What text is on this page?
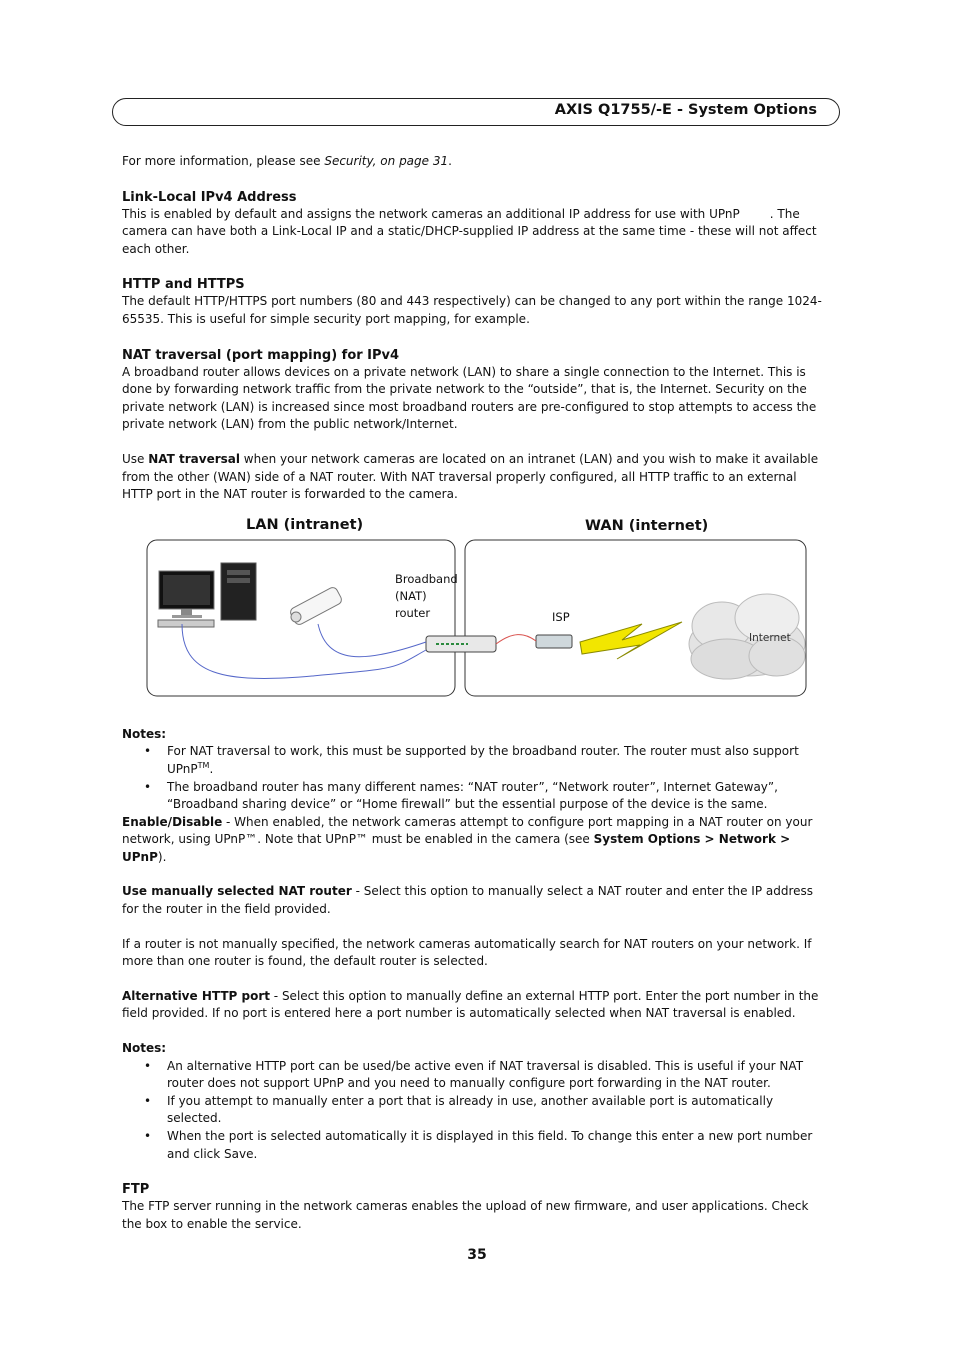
AXIS Q1755/-E - System Options

For more information, please see Security, on page 31.

Link-Local IPv4 Address

This is enabled by default and assigns the network cameras an additional IP address for use with UPnP	. The camera can have both a Link-Local IP and a static/DHCP-supplied IP address at the same time - these will not affect each other.

HTTP and HTTPS

The default HTTP/HTTPS port numbers (80 and 443 respectively) can be changed to any port within the range 1024-65535. This is useful for simple security port mapping, for example.

NAT traversal (port mapping) for IPv4

A broadband router allows devices on a private network (LAN) to share a single connection to the Internet. This is done by forwarding network traffic from the private network to the “outside”, that is, the Internet. Security on the private network (LAN) is increased since most broadband routers are pre-configured to stop attempts to access the private network (LAN) from the public network/Internet.

Use NAT traversal when your network cameras are located on an intranet (LAN) and you wish to make it available from the other (WAN) side of a NAT router. With NAT traversal properly configured, all HTTP traffic to an external HTTP port in the NAT router is forwarded to the camera.

LAN (intranet)	WAN (internet)
Broadband
(NAT)
router	ISP
Internet

Notes:

• For NAT traversal to work, this must be supported by the broadband router. The router must also support UPnP™.
• The broadband router has many different names: “NAT router”, “Network router”, Internet Gateway”, “Broadband sharing device” or “Home firewall” but the essential purpose of the device is the same.

Enable/Disable - When enabled, the network cameras attempt to configure port mapping in a NAT router on your network, using UPnP™. Note that UPnP™ must be enabled in the camera (see System Options > Network > UPnP).

Use manually selected NAT router - Select this option to manually select a NAT router and enter the IP address for the router in the field provided.

If a router is not manually specified, the network cameras automatically search for NAT routers on your network. If more than one router is found, the default router is selected.

Alternative HTTP port - Select this option to manually define an external HTTP port. Enter the port number in the field provided. If no port is entered here a port number is automatically selected when NAT traversal is enabled.

Notes:

• An alternative HTTP port can be used/be active even if NAT traversal is disabled. This is useful if your NAT router does not support UPnP and you need to manually configure port forwarding in the NAT router.
• If you attempt to manually enter a port that is already in use, another available port is automatically selected.
• When the port is selected automatically it is displayed in this field. To change this enter a new port number and click Save.
FTP

The FTP server running in the network cameras enables the upload of new firmware, and user applications. Check the box to enable the service.

35
